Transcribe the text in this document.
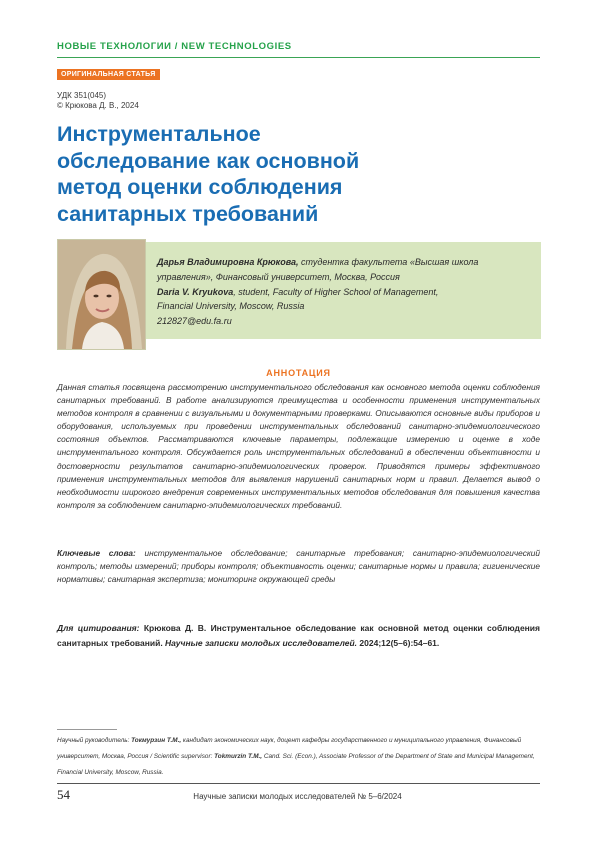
НОВЫЕ ТЕХНОЛОГИИ / NEW TECHNOLOGIES
ОРИГИНАЛЬНАЯ СТАТЬЯ
УДК 351(045)
© Крюкова Д. В., 2024
Инструментальное обследование как основной метод оценки соблюдения санитарных требований
Дарья Владимировна Крюкова, студентка факультета «Высшая школа управления», Финансовый университет, Москва, Россия
Daria V. Kryukova, student, Faculty of Higher School of Management,
Financial University, Moscow, Russia
212827@edu.fa.ru
АННОТАЦИЯ
Данная статья посвящена рассмотрению инструментального обследования как основного метода оценки соблюдения санитарных требований. В работе анализируются преимущества и особенности применения инструментальных методов контроля в сравнении с визуальными и документарными проверками. Описываются основные виды приборов и оборудования, используемых при проведении инструментальных обследований санитарно-эпидемиологического состояния объектов. Рассматриваются ключевые параметры, подлежащие измерению и оценке в ходе инструментального контроля. Обсуждается роль инструментальных обследований в обеспечении объективности и достоверности результатов санитарно-эпидемиологических проверок. Приводятся примеры эффективного применения инструментальных методов для выявления нарушений санитарных норм и правил. Делается вывод о необходимости широкого внедрения современных инструментальных методов обследования для повышения качества контроля за соблюдением санитарно-эпидемиологических требований.
Ключевые слова: инструментальное обследование; санитарные требования; санитарно-эпидемиологический контроль; методы измерений; приборы контроля; объективность оценки; санитарные нормы и правила; гигиенические нормативы; санитарная экспертиза; мониторинг окружающей среды
Для цитирования: Крюкова Д. В. Инструментальное обследование как основной метод оценки соблюдения санитарных требований. Научные записки молодых исследователей. 2024;12(5–6):54–61.
Научный руководитель: Токмурзин Т.М., кандидат экономических наук, доцент кафедры государственного и муниципального управления, Финансовый университет, Москва, Россия / Scientific supervisor: Tokmurzin T.M., Cand. Sci. (Econ.), Associate Professor of the Department of State and Municipal Management, Financial University, Moscow, Russia.
54	Научные записки молодых исследователей № 5–6/2024
